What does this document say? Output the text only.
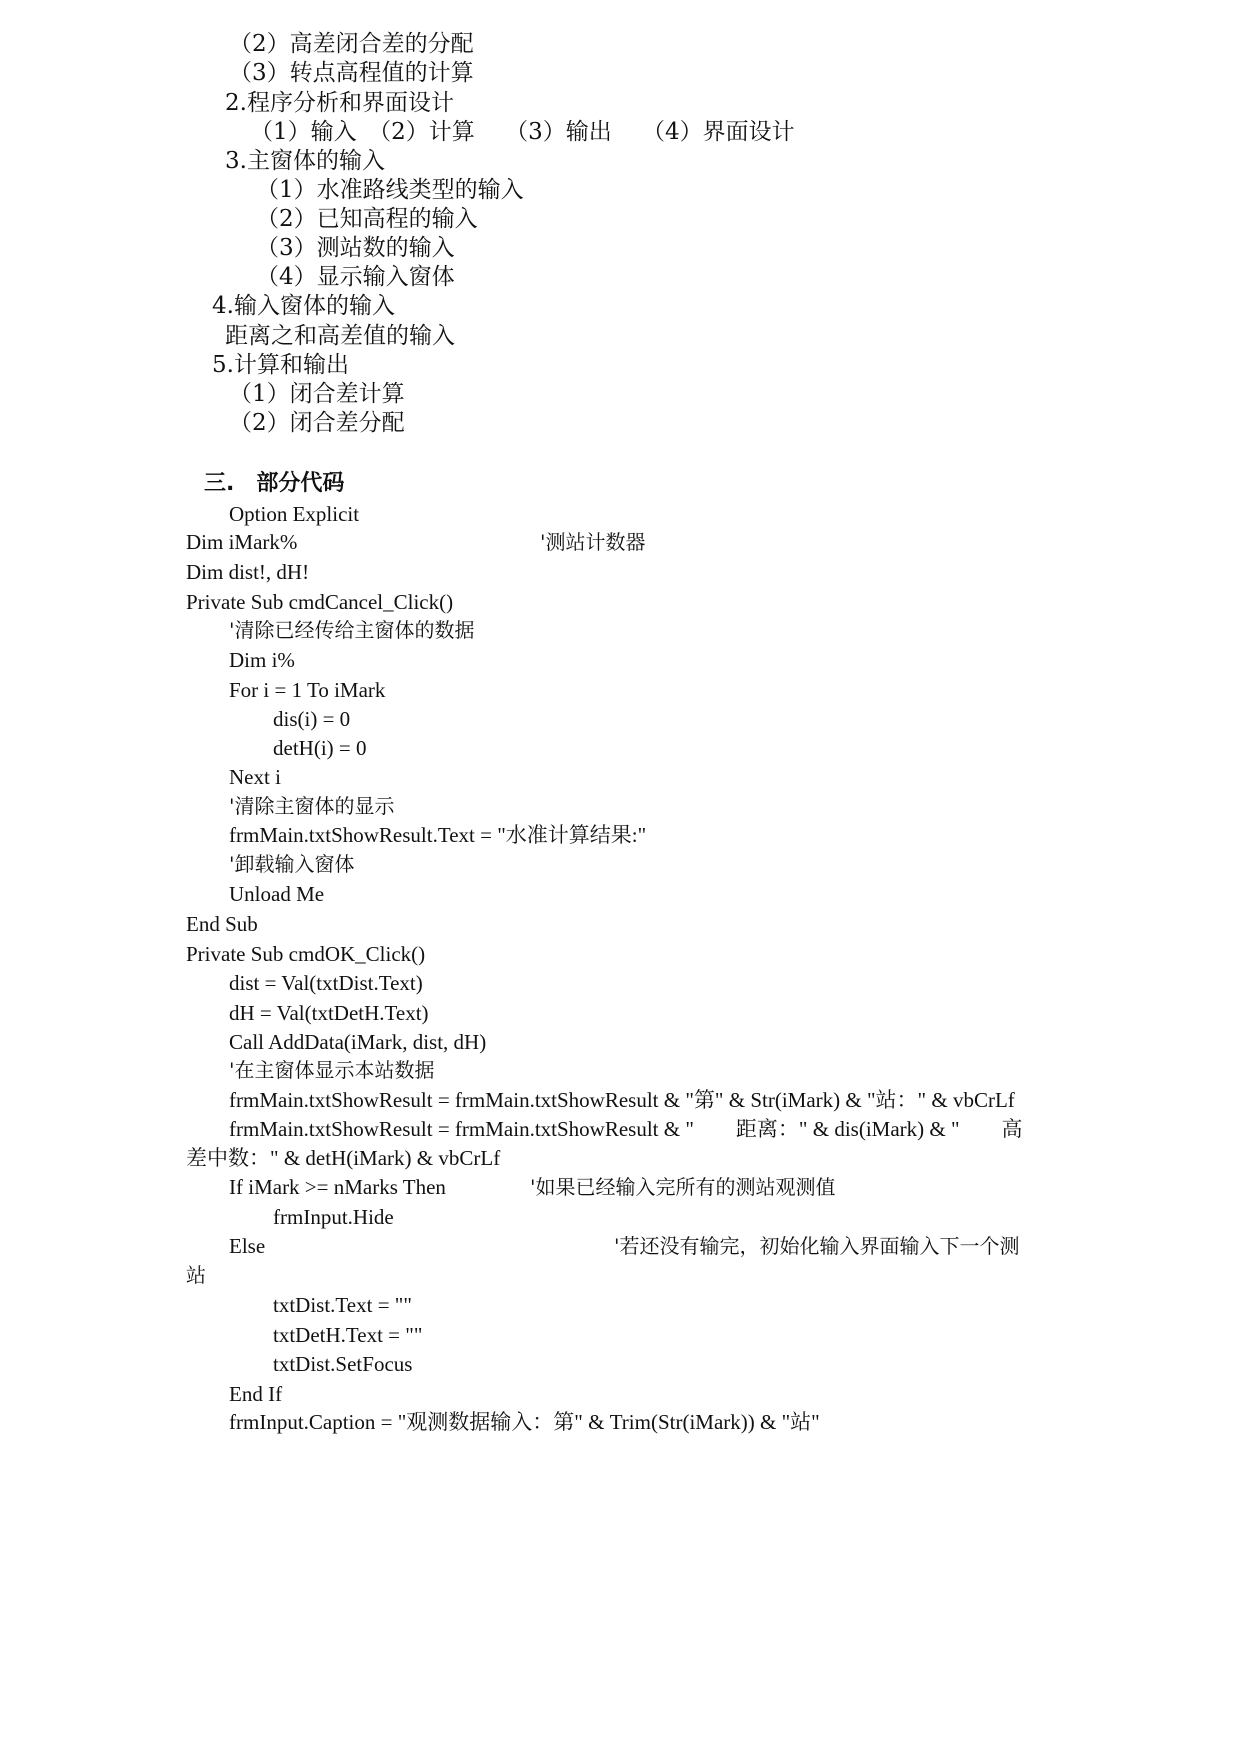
（2）高差闭合差的分配
（3）转点高程值的计算
2.程序分析和界面设计
（1）输入　（2）计算　 （3）输出　 （4）界面设计
3.主窗体的输入
（1）水准路线类型的输入
（2）已知高程的输入
（3）测站数的输入
（4）显示输入窗体
4.输入窗体的输入
距离之和高差值的输入
5.计算和输出
（1）闭合差计算
（2）闭合差分配
三.　部分代码
Option Explicit
Dim iMark%	'测站计数器
Dim dist!, dH!
Private Sub cmdCancel_Click()
'清除已经传给主窗体的数据
Dim i%
For i = 1 To iMark
dis(i) = 0
detH(i) = 0
Next i
'清除主窗体的显示
frmMain.txtShowResult.Text = "水准计算结果:"
'卸载输入窗体
Unload Me
End Sub
Private Sub cmdOK_Click()
dist = Val(txtDist.Text)
dH = Val(txtDetH.Text)
Call AddData(iMark, dist, dH)
'在主窗体显示本站数据
frmMain.txtShowResult = frmMain.txtShowResult & "第" & Str(iMark) & "站：" & vbCrLf
frmMain.txtShowResult = frmMain.txtShowResult & "　　距离：" & dis(iMark) & "　　高
差中数：" & detH(iMark) & vbCrLf
If iMark >= nMarks Then	'如果已经输入完所有的测站观测值
frmInput.Hide
Else	'若还没有输完，初始化输入界面输入下一个测
站
txtDist.Text = ""
txtDetH.Text = ""
txtDist.SetFocus
End If
frmInput.Caption = "观测数据输入：第" & Trim(Str(iMark)) & "站"
